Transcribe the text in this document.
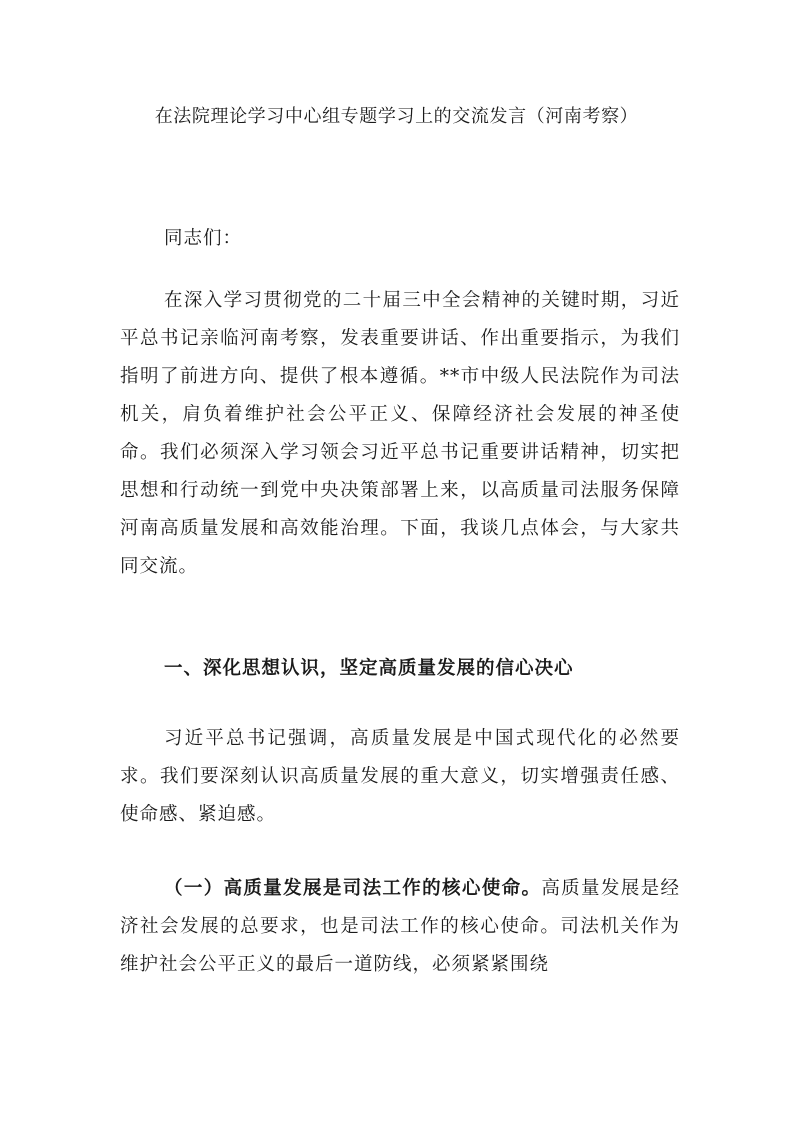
在法院理论学习中心组专题学习上的交流发言（河南考察）

同志们：

在深入学习贯彻党的二十届三中全会精神的关键时期，习近平总书记亲临河南考察，发表重要讲话、作出重要指示，为我们指明了前进方向、提供了根本遵循。**市中级人民法院作为司法机关，肩负着维护社会公平正义、保障经济社会发展的神圣使命。我们必须深入学习领会习近平总书记重要讲话精神，切实把思想和行动统一到党中央决策部署上来，以高质量司法服务保障河南高质量发展和高效能治理。下面，我谈几点体会，与大家共同交流。

一、深化思想认识，坚定高质量发展的信心决心

习近平总书记强调，高质量发展是中国式现代化的必然要求。我们要深刻认识高质量发展的重大意义，切实增强责任感、使命感、紧迫感。

（一）高质量发展是司法工作的核心使命。高质量发展是经济社会发展的总要求，也是司法工作的核心使命。司法机关作为维护社会公平正义的最后一道防线，必须紧紧围绕
